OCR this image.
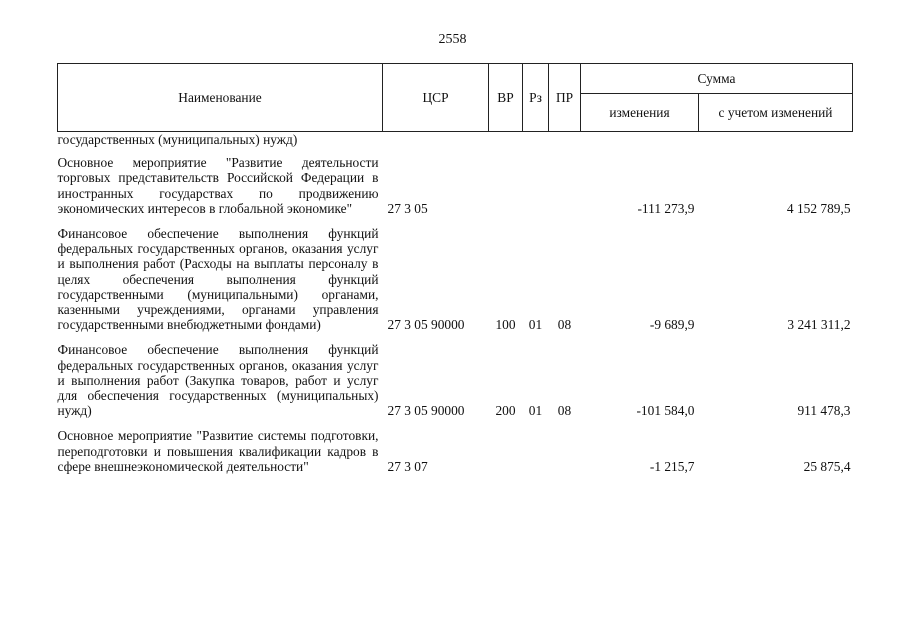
2558
Наименование	ЦСР	ВР	Рз	ПР	Сумма	
					изменения	с учетом изменений
государственных (муниципальных) нужд)						

Основное мероприятие "Развитие деятельности торговых представительств Российской Федерации в иностранных государствах по продвижению экономических интересов в глобальной экономике"	27 3 05				-111 273,9	4 152 789,5

Финансовое обеспечение выполнения функций федеральных государственных органов, оказания услуг и выполнения работ (Расходы на выплаты персоналу в целях обеспечения выполнения функций государственными (муниципальными) органами, казенными учреждениями, органами управления государственными внебюджетными фондами)	27 3 05 90000	100	01	08	-9 689,9	3 241 311,2

Финансовое обеспечение выполнения функций федеральных государственных органов, оказания услуг и выполнения работ (Закупка товаров, работ и услуг для обеспечения государственных (муниципальных) нужд)	27 3 05 90000	200	01	08	-101 584,0	911 478,3

Основное мероприятие "Развитие системы подготовки, переподготовки и повышения квалификации кадров в сфере внешнеэкономической деятельности"	27 3 07				-1 215,7	25 875,4
